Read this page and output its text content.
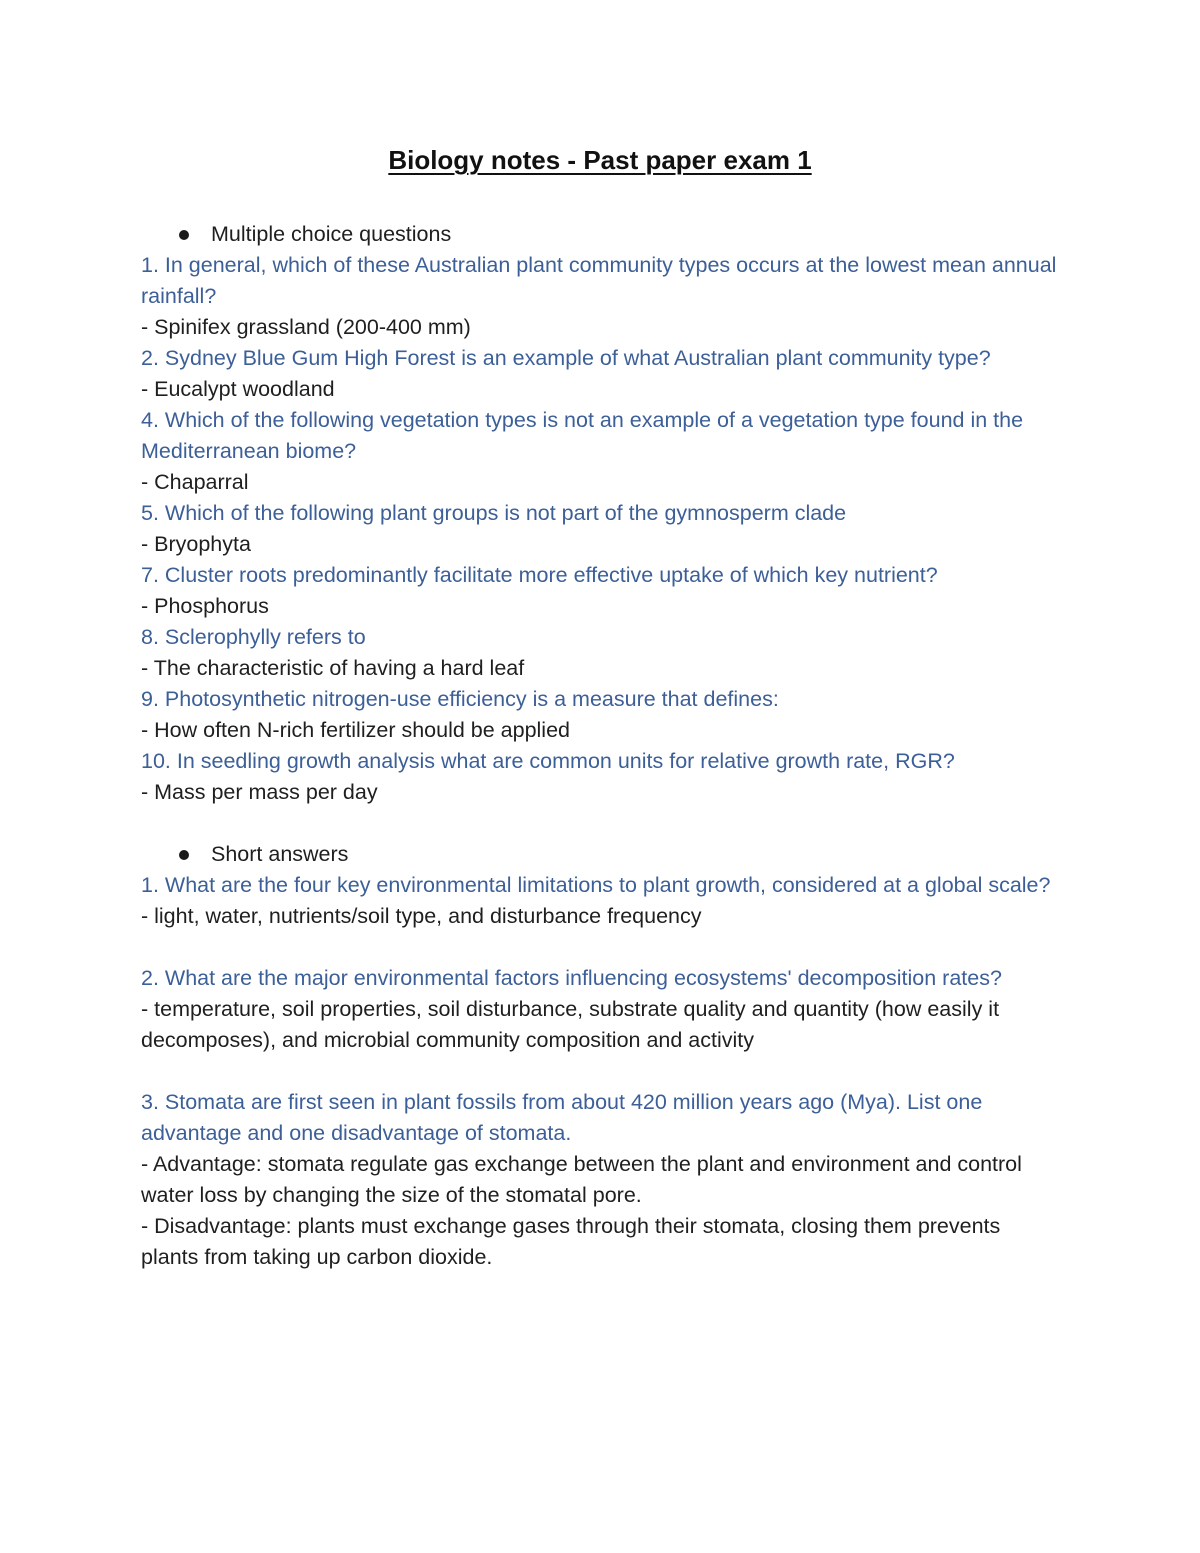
Biology notes - Past paper exam 1
Multiple choice questions

1. In general, which of these Australian plant community types occurs at the lowest mean annual rainfall?

- Spinifex grassland (200-400 mm)

2. Sydney Blue Gum High Forest is an example of what Australian plant community type?

- Eucalypt woodland

4. Which of the following vegetation types is not an example of a vegetation type found in the Mediterranean biome?

- Chaparral

5. Which of the following plant groups is not part of the gymnosperm clade

- Bryophyta

7. Cluster roots predominantly facilitate more effective uptake of which key nutrient?

- Phosphorus

8. Sclerophylly refers to

- The characteristic of having a hard leaf

9. Photosynthetic nitrogen-use efficiency is a measure that defines:

- How often N-rich fertilizer should be applied

10. In seedling growth analysis what are common units for relative growth rate, RGR?

- Mass per mass per day

Short answers

1. What are the four key environmental limitations to plant growth, considered at a global scale?

- light, water, nutrients/soil type, and disturbance frequency

2. What are the major environmental factors influencing ecosystems' decomposition rates?

- temperature, soil properties, soil disturbance, substrate quality and quantity (how easily it decomposes), and microbial community composition and activity

3. Stomata are first seen in plant fossils from about 420 million years ago (Mya). List one advantage and one disadvantage of stomata.

- Advantage: stomata regulate gas exchange between the plant and environment and control water loss by changing the size of the stomatal pore.

- Disadvantage: plants must exchange gases through their stomata, closing them prevents plants from taking up carbon dioxide.
